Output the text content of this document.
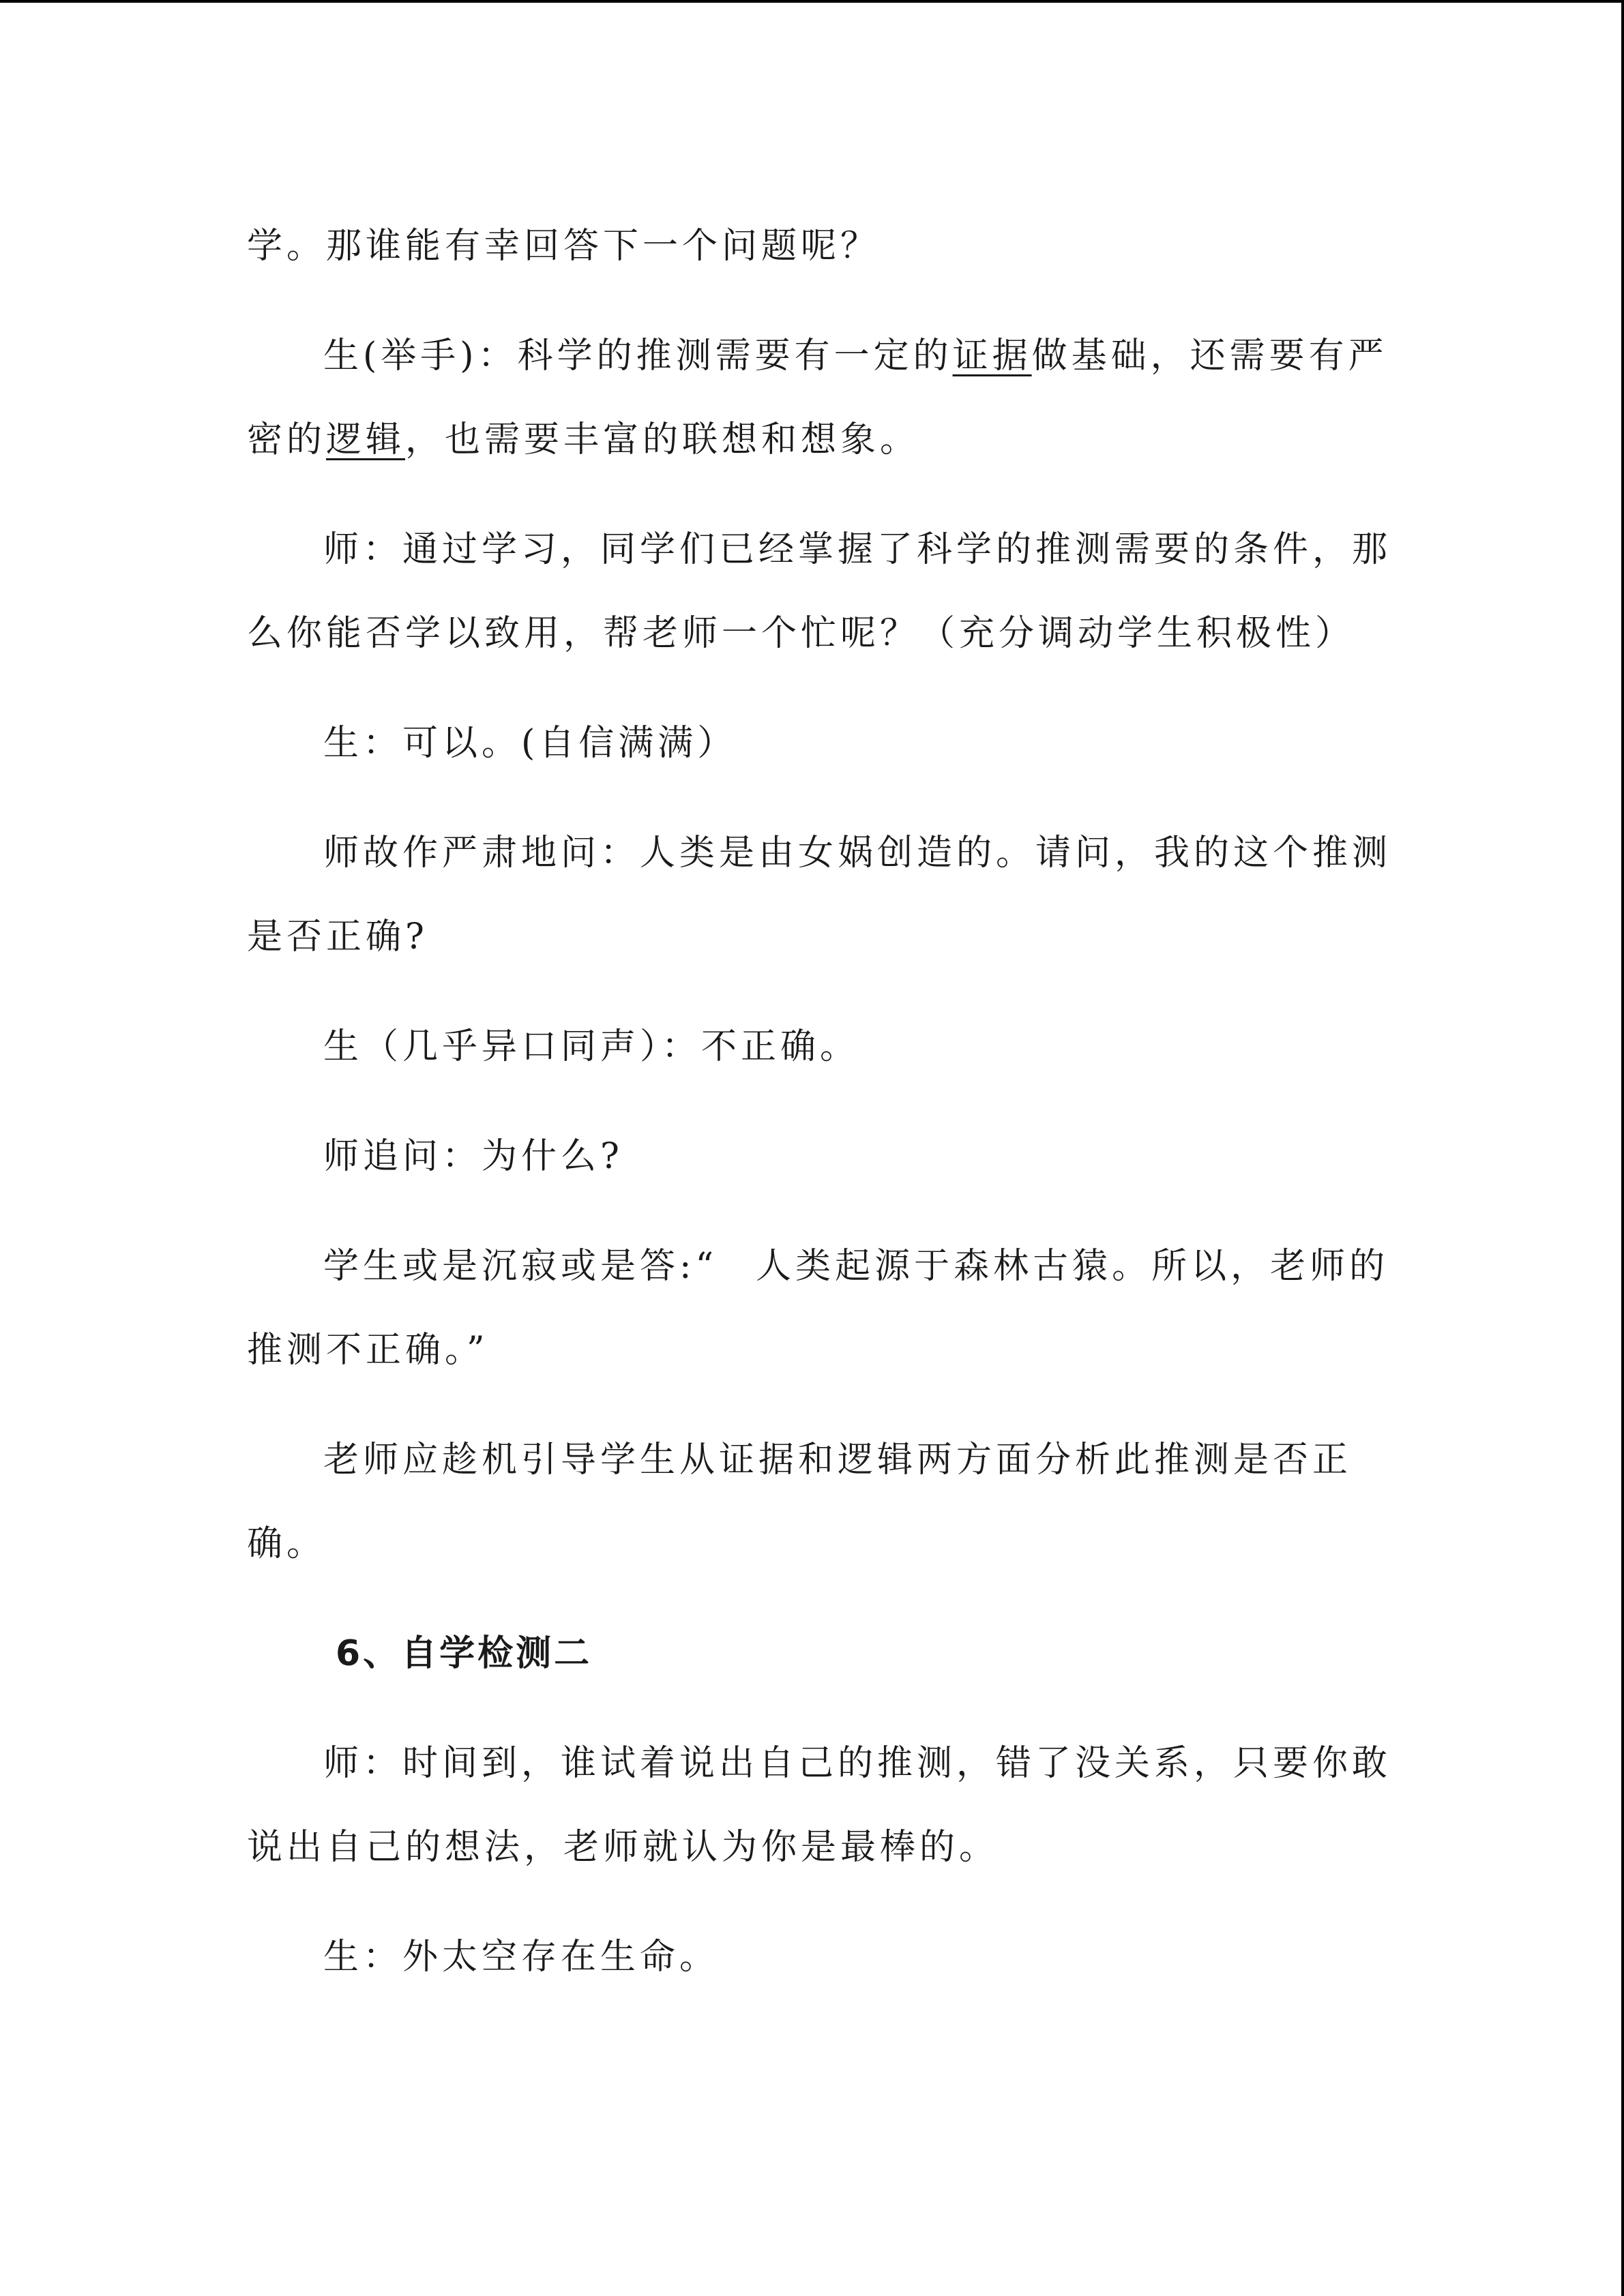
学。那谁能有幸回答下一个问题呢？

生(举手)：科学的推测需要有一定的证据做基础，还需要有严密的逻辑，也需要丰富的联想和想象。

师：通过学习，同学们已经掌握了科学的推测需要的条件，那么你能否学以致用，帮老师一个忙呢？（充分调动学生积极性）

生：可以。(自信满满）

师故作严肃地问：人类是由女娲创造的。请问，我的这个推测是否正确?

生（几乎异口同声）：不正确。

师追问：为什么?

学生或是沉寂或是答:“ 人类起源于森林古猿。所以，老师的推测不正确。”

老师应趁机引导学生从证据和逻辑两方面分析此推测是否正确。

6、自学检测二

师：时间到，谁试着说出自己的推测，错了没关系，只要你敢说出自己的想法，老师就认为你是最棒的。

生：外太空存在生命。
